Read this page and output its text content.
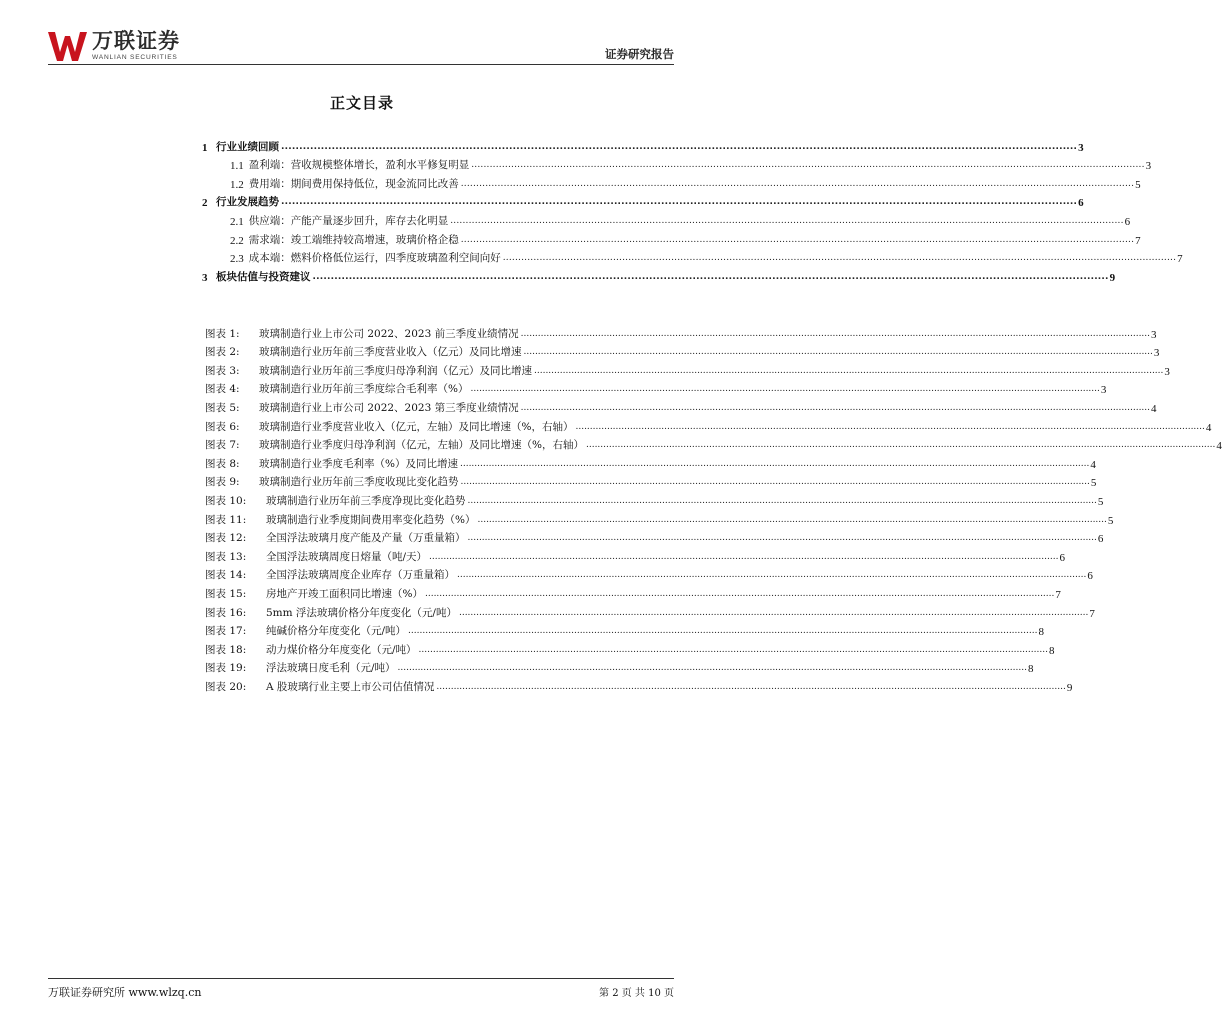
万联证券
WANLIAN SECURITIES	证券研究报告
正文目录
1 行业业绩回顾 ............................................................................................................................................................................................................................ 3
1.1 盈利端：营收规模整体增长，盈利水平修复明显 ............................................................................................................................................................................................................................ 3
1.2 费用端：期间费用保持低位，现金流同比改善 ............................................................................................................................................................................................................................ 5
2 行业发展趋势 ............................................................................................................................................................................................................................ 6
2.1 供应端：产能产量逐步回升，库存去化明显 ............................................................................................................................................................................................................................ 6
2.2 需求端：竣工端维持较高增速，玻璃价格企稳 ............................................................................................................................................................................................................................ 7
2.3 成本端：燃料价格低位运行，四季度玻璃盈利空间向好 ............................................................................................................................................................................................................................ 7
3 板块估值与投资建议 ............................................................................................................................................................................................................................ 9
图表 1:	玻璃制造行业上市公司 2022、2023 前三季度业绩情况 ............................................................................................................................................................................................................................ 3
图表 2:	玻璃制造行业历年前三季度营业收入（亿元）及同比增速 ............................................................................................................................................................................................................................ 3
图表 3:	玻璃制造行业历年前三季度归母净利润（亿元）及同比增速 ............................................................................................................................................................................................................................ 3
图表 4:	玻璃制造行业历年前三季度综合毛利率（%） ............................................................................................................................................................................................................................ 3
图表 5:	玻璃制造行业上市公司 2022、2023 第三季度业绩情况 ............................................................................................................................................................................................................................ 4
图表 6:	玻璃制造行业季度营业收入（亿元，左轴）及同比增速（%，右轴） ............................................................................................................................................................................................................................ 4
图表 7:	玻璃制造行业季度归母净利润（亿元，左轴）及同比增速（%，右轴） ............................................................................................................................................................................................................................ 4
图表 8:	玻璃制造行业季度毛利率（%）及同比增速 ............................................................................................................................................................................................................................ 4
图表 9:	玻璃制造行业历年前三季度收现比变化趋势 ............................................................................................................................................................................................................................ 5
图表 10:	玻璃制造行业历年前三季度净现比变化趋势 ............................................................................................................................................................................................................................ 5
图表 11:	玻璃制造行业季度期间费用率变化趋势（%） ............................................................................................................................................................................................................................ 5
图表 12:	全国浮法玻璃月度产能及产量（万重量箱） ............................................................................................................................................................................................................................ 6
图表 13:	全国浮法玻璃周度日熔量（吨/天） ............................................................................................................................................................................................................................ 6
图表 14:	全国浮法玻璃周度企业库存（万重量箱） ............................................................................................................................................................................................................................ 6
图表 15:	房地产开竣工面积同比增速（%） ............................................................................................................................................................................................................................ 7
图表 16:	5mm 浮法玻璃价格分年度变化（元/吨） ............................................................................................................................................................................................................................ 7
图表 17:	纯碱价格分年度变化（元/吨） ............................................................................................................................................................................................................................ 8
图表 18:	动力煤价格分年度变化（元/吨） ............................................................................................................................................................................................................................ 8
图表 19:	浮法玻璃日度毛利（元/吨） ............................................................................................................................................................................................................................ 8
图表 20:	A 股玻璃行业主要上市公司估值情况 ............................................................................................................................................................................................................................ 9
万联证券研究所 www.wlzq.cn	第 2 页 共 10 页
